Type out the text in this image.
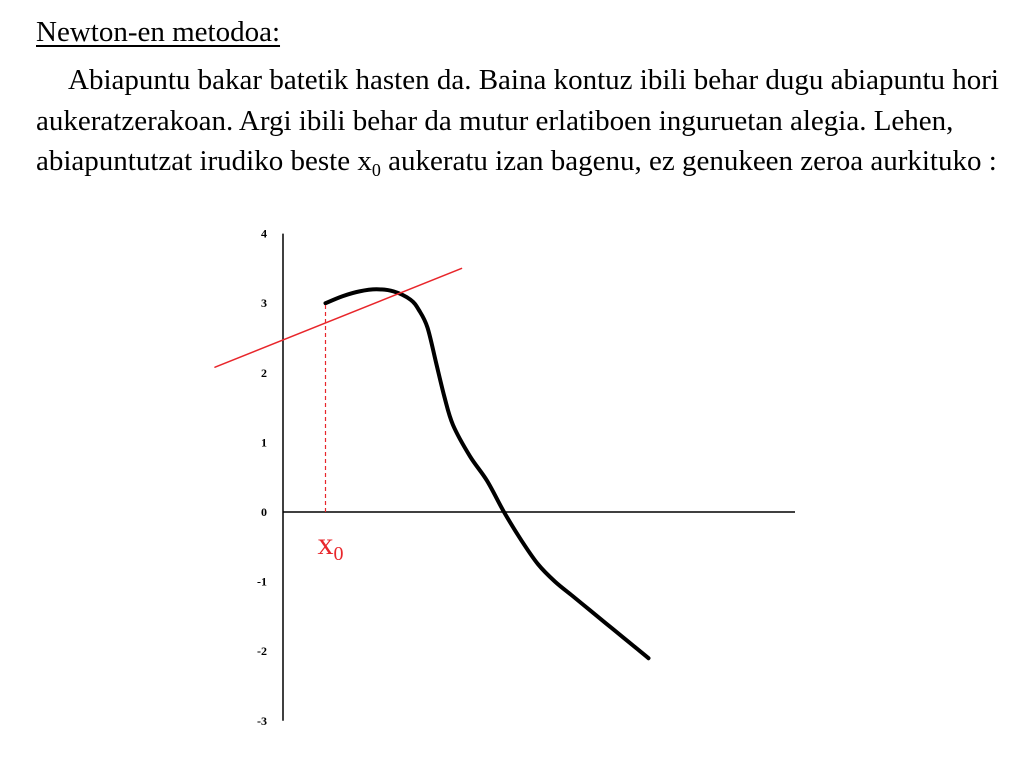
Newton-en metodoa:
Abiapuntu bakar batetik hasten da. Baina kontuz ibili behar dugu abiapuntu hori aukeratzerakoan. Argi ibili behar da mutur erlatiboen inguruetan alegia. Lehen, abiapuntutzat irudiko beste $x_0$ aukeratu izan bagenu, ez genukeen zeroa aurkituko :
4
3
2
1
0
-1
-2
-3
x0
